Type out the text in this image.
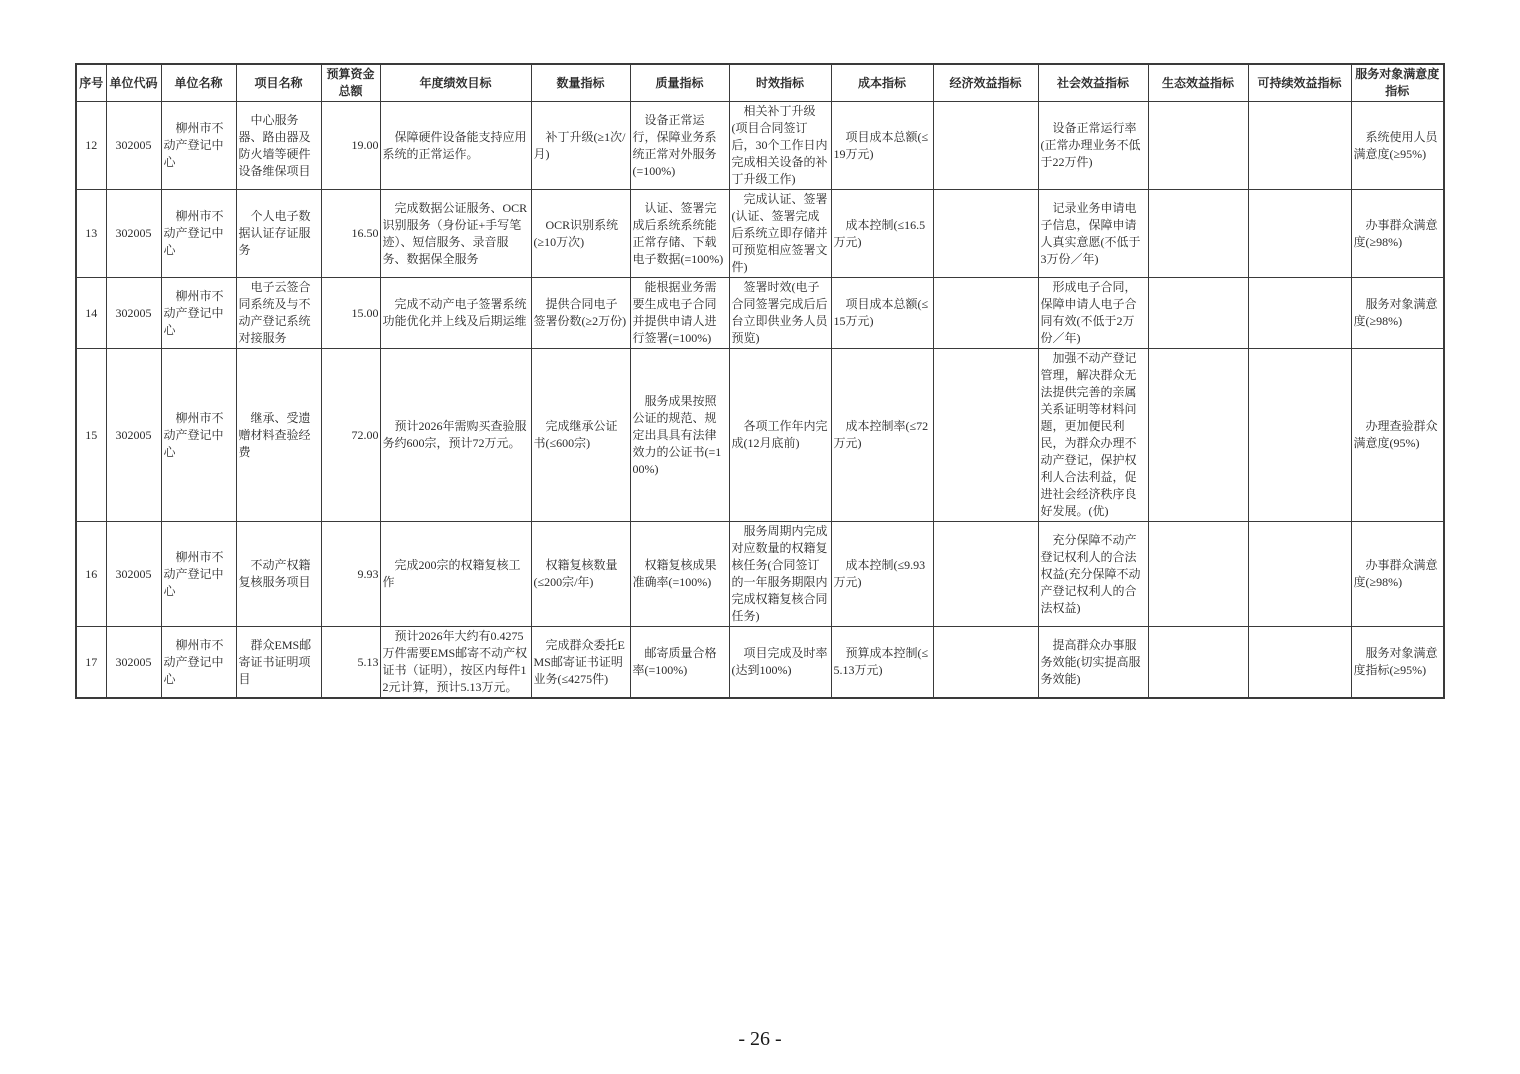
序号	单位代码	单位名称	项目名称	预算资金总额	年度绩效目标	数量指标	质量指标	时效指标	成本指标	经济效益指标	社会效益指标	生态效益指标	可持续效益指标	服务对象满意度指标
12	302005	柳州市不动产登记中心	中心服务器、路由器及防火墙等硬件设备维保项目	19.00	保障硬件设备能支持应用系统的正常运作。	补丁升级(≥1次/月)	设备正常运行，保障业务系统正常对外服务(=100%)	相关补丁升级(项目合同签订后，30个工作日内完成相关设备的补丁升级工作)	项目成本总额(≤19万元)		设备正常运行率(正常办理业务不低于22万件)			系统使用人员满意度(≥95%)
13	302005	柳州市不动产登记中心	个人电子数据认证存证服务	16.50	完成数据公证服务、OCR识别服务（身份证+手写笔迹）、短信服务、录音服务、数据保全服务	OCR识别系统(≥10万次)	认证、签署完成后系统系统能正常存储、下载电子数据(=100%)	完成认证、签署(认证、签署完成后系统立即存储并可预览相应签署文件)	成本控制(≤16.5万元)		记录业务申请电子信息，保障申请人真实意愿(不低于3万份／年)			办事群众满意度(≥98%)
14	302005	柳州市不动产登记中心	电子云签合同系统及与不动产登记系统对接服务	15.00	完成不动产电子签署系统功能优化并上线及后期运维	提供合同电子签署份数(≥2万份)	能根据业务需要生成电子合同并提供申请人进行签署(=100%)	签署时效(电子合同签署完成后后台立即供业务人员预览)	项目成本总额(≤15万元)		形成电子合同，保障申请人电子合同有效(不低于2万份／年)			服务对象满意度(≥98%)
15	302005	柳州市不动产登记中心	继承、受遗赠材料查验经费	72.00	预计2026年需购买查验服务约600宗，预计72万元。	完成继承公证书(≤600宗)	服务成果按照公证的规范、规定出具具有法律效力的公证书(=100%)	各项工作年内完成(12月底前)	成本控制率(≤72万元)		加强不动产登记管理，解决群众无法提供完善的亲属关系证明等材料问题，更加便民利民，为群众办理不动产登记，保护权利人合法利益，促进社会经济秩序良好发展。(优)			办理查验群众满意度(95%)
16	302005	柳州市不动产登记中心	不动产权籍复核服务项目	9.93	完成200宗的权籍复核工作	权籍复核数量(≤200宗/年)	权籍复核成果准确率(=100%)	服务周期内完成对应数量的权籍复核任务(合同签订的一年服务期限内完成权籍复核合同任务)	成本控制(≤9.93万元)		充分保障不动产登记权利人的合法权益(充分保障不动产登记权利人的合法权益)			办事群众满意度(≥98%)
17	302005	柳州市不动产登记中心	群众EMS邮寄证书证明项目	5.13	预计2026年大约有0.4275万件需要EMS邮寄不动产权证书（证明），按区内每件12元计算，预计5.13万元。	完成群众委托EMS邮寄证书证明业务(≤4275件)	邮寄质量合格率(=100%)	项目完成及时率(达到100%)	预算成本控制(≤5.13万元)		提高群众办事服务效能(切实提高服务效能)			服务对象满意度指标(≥95%)
- 26 -
